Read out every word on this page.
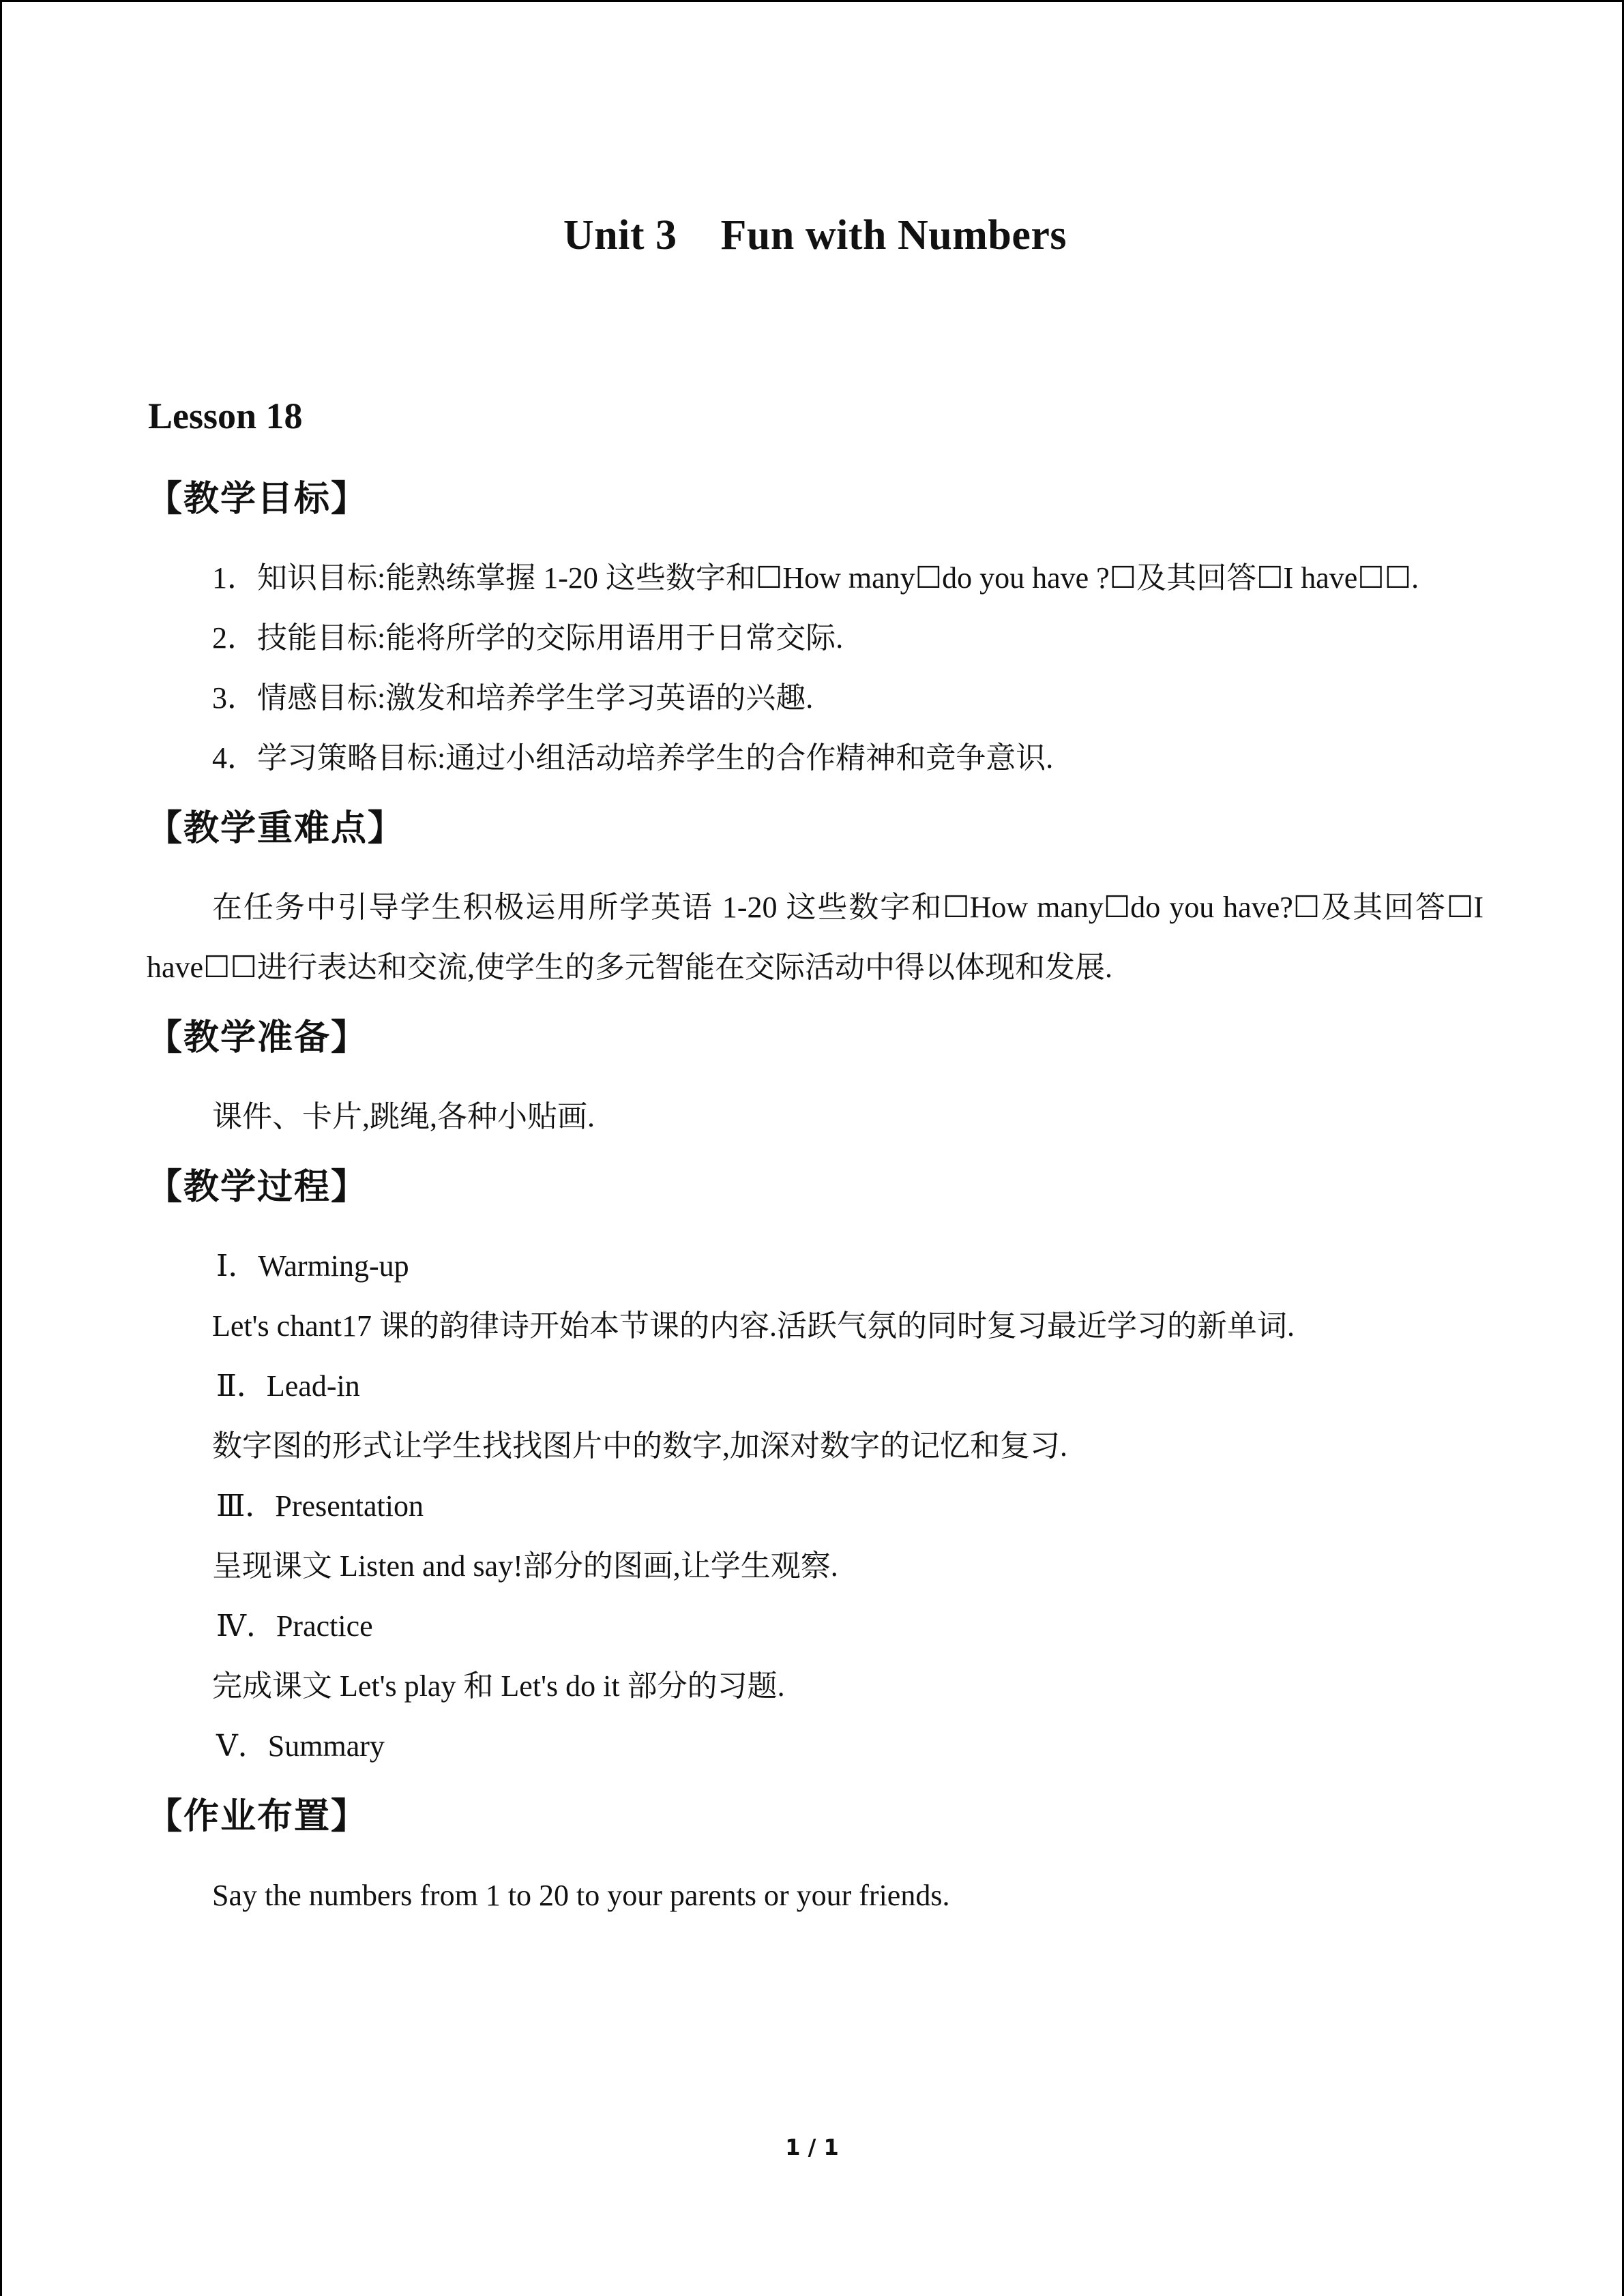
Unit 3    Fun with Numbers
Lesson 18
【教学目标】
1．知识目标:能熟练掌握 1-20 这些数字和☐How many☐do you have ?☐及其回答☐I have☐☐.
2．技能目标:能将所学的交际用语用于日常交际.
3．情感目标:激发和培养学生学习英语的兴趣.
4．学习策略目标:通过小组活动培养学生的合作精神和竞争意识.
【教学重难点】

在任务中引导学生积极运用所学英语 1-20 这些数字和☐How many☐do you have?☐及其回答☐I have☐☐进行表达和交流,使学生的多元智能在交际活动中得以体现和发展.

【教学准备】

课件、卡片,跳绳,各种小贴画.

【教学过程】
Ⅰ．Warming-up
Let's chant17 课的韵律诗开始本节课的内容.活跃气氛的同时复习最近学习的新单词.
Ⅱ．Lead-in
数字图的形式让学生找找图片中的数字,加深对数字的记忆和复习.
Ⅲ．Presentation
呈现课文 Listen and say!部分的图画,让学生观察.
Ⅳ．Practice
完成课文 Let's play 和 Let's do it 部分的习题.
Ⅴ．Summary
【作业布置】

Say the numbers from 1 to 20 to your parents or your friends.

1 / 1
